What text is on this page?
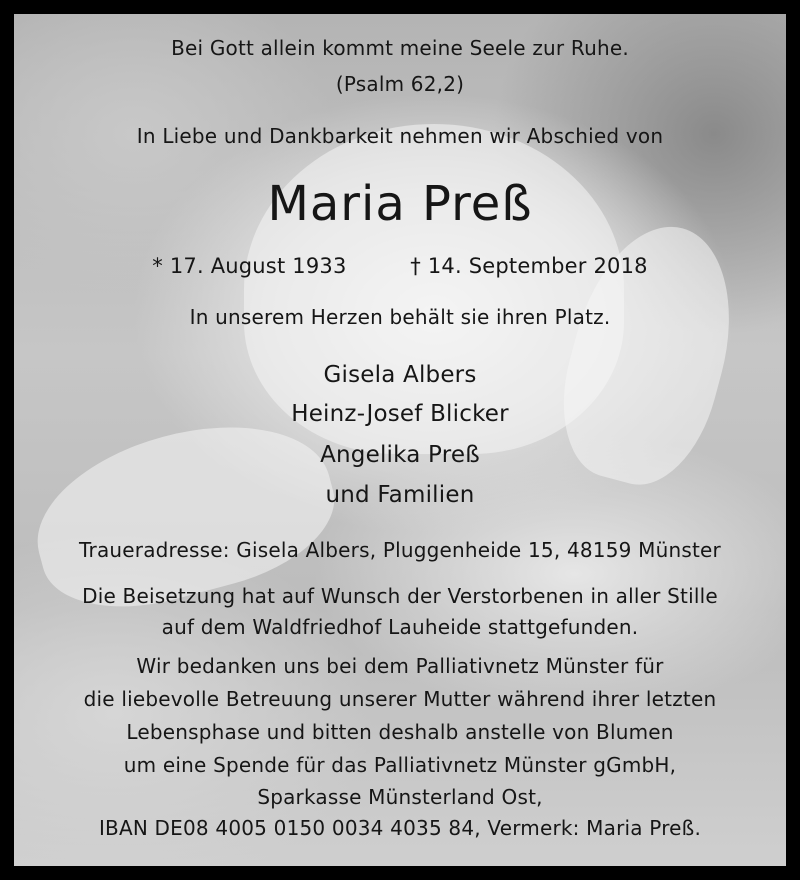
Bei Gott allein kommt meine Seele zur Ruhe.
(Psalm 62,2)
In Liebe und Dankbarkeit nehmen wir Abschied von
Maria Preß
* 17. August 1933	† 14. September 2018
In unserem Herzen behält sie ihren Platz.
Gisela Albers
Heinz-Josef Blicker
Angelika Preß
und Familien
Traueradresse: Gisela Albers, Pluggenheide 15, 48159 Münster
Die Beisetzung hat auf Wunsch der Verstorbenen in aller Stille
auf dem Waldfriedhof Lauheide stattgefunden.
Wir bedanken uns bei dem Palliativnetz Münster für
die liebevolle Betreuung unserer Mutter während ihrer letzten
Lebensphase und bitten deshalb anstelle von Blumen
um eine Spende für das Palliativnetz Münster gGmbH,
Sparkasse Münsterland Ost,
IBAN DE08 4005 0150 0034 4035 84, Vermerk: Maria Preß.
